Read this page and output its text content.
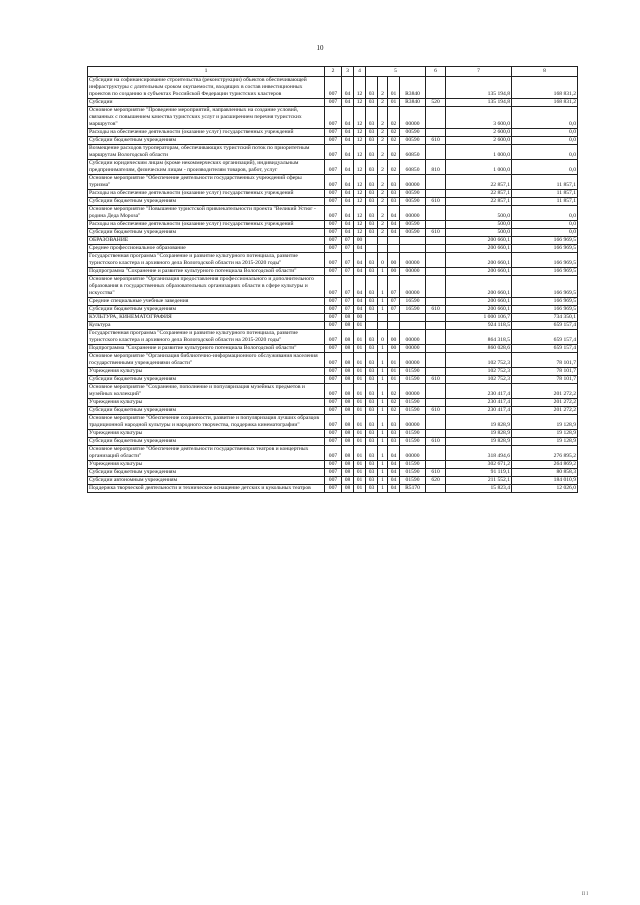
10
1	2	3	4	5				6	7	8
Субсидии на софинансирование строительства (реконструкции) объектов обеспечивающей инфраструктуры с длительным сроком окупаемости, входящих в состав инвестиционных проектов по созданию в субъектах Российской Федерации туристских кластеров	007	04	12	03	2	01	R3840		135 194,8	168 831,2
Субсидии	007	04	12	03	2	01	R3840	520	135 194,8	168 831,2
Основное мероприятие "Проведение мероприятий, направленных на создание условий, связанных с повышением качества туристских услуг и расширением перечня туристских маршрутов"	007	04	12	03	2	02	00000		3 600,0	0,0
Расходы на обеспечение деятельности (оказание услуг) государственных учреждений	007	04	12	03	2	02	00590		2 600,0	0,0
Субсидии бюджетным учреждениям	007	04	12	03	2	02	00590	610	2 600,0	0,0
Возмещение расходов туроператорам, обеспечивающих туристский поток по приоритетным маршрутам Вологодской области	007	04	12	03	2	02	60850		1 000,0	0,0
Субсидии юридическим лицам (кроме некоммерческих организаций), индивидуальным предпринимателям, физическим лицам - производителям товаров, работ, услуг	007	04	12	03	2	02	60850	810	1 000,0	0,0
Основное мероприятие "Обеспечение деятельности государственных учреждений сферы туризма"	007	04	12	03	2	03	00000		22 857,1	11 857,1
Расходы на обеспечение деятельности (оказание услуг) государственных учреждений	007	04	12	03	2	03	00590		22 857,1	11 857,1
Субсидии бюджетным учреждениям	007	04	12	03	2	03	00590	610	22 857,1	11 857,1
Основное мероприятие "Повышение туристской привлекательности проекта "Великий Устюг - родина Деда Мороза"	007	04	12	03	2	04	00000		500,0	0,0
Расходы на обеспечение деятельности (оказание услуг) государственных учреждений	007	04	12	03	2	04	00590		500,0	0,0
Субсидии бюджетным учреждениям	007	04	12	03	2	04	00590	610	500,0	0,0
ОБРАЗОВАНИЕ	007	07	00						200 660,1	166 969,5
Среднее профессиональное образование	007	07	04						200 660,1	166 969,5
Государственная программа "Сохранение и развитие культурного потенциала, развитие туристского кластера и архивного дела Вологодской области на 2015-2020 годы"	007	07	04	03	0	00	00000		200 660,1	166 969,5
Подпрограмма "Сохранение и развитие культурного потенциала Вологодской области"	007	07	04	03	1	00	00000		200 660,1	166 969,5
Основное мероприятие "Организация предоставления профессионального и дополнительного образования в государственных образовательных организациях области в сфере культуры и искусства"	007	07	04	03	1	07	00000		200 660,1	166 969,5
Средние специальные учебные заведения	007	07	04	03	1	07	16590		200 660,1	166 969,5
Субсидии бюджетным учреждениям	007	07	04	03	1	07	16590	610	200 660,1	166 969,5
КУЛЬТУРА, КИНЕМАТОГРАФИЯ	007	08	00						1 000 106,7	734 350,1
Культура	007	08	01						924 118,5	659 157,4
Государственная программа "Сохранение и развитие культурного потенциала, развитие туристского кластера и архивного дела Вологодской области на 2015-2020 годы"	007	08	01	03	0	00	00000		864 318,5	659 157,4
Подпрограмма "Сохранение и развитие культурного потенциала Вологодской области"	007	08	01	03	1	00	00000		860 028,6	659 157,4
Основное мероприятие "Организация библиотечно-информационного обслуживания населения государственными учреждениями области"	007	08	01	03	1	01	00000		102 752,3	78 101,7
Учреждения культуры	007	08	01	03	1	01	01590		102 752,3	78 101,7
Субсидии бюджетным учреждениям	007	08	01	03	1	01	01590	610	102 752,3	78 101,7
Основное мероприятие "Сохранение, пополнение и популяризация музейных предметов и музейных коллекций"	007	08	01	03	1	02	00000		230 417,4	201 272,2
Учреждения культуры	007	08	01	03	1	02	01590		230 417,4	201 272,2
Субсидии бюджетным учреждениям	007	08	01	03	1	02	01590	610	230 417,4	201 272,2
Основное мероприятие "Обеспечение сохранности, развитие и популяризация лучших образцов традиционной народной культуры и народного творчества, поддержка кинематографии"	007	08	01	03	1	03	00000		19 828,9	19 128,9
Учреждения культуры	007	08	01	03	1	03	01590		19 828,9	19 128,9
Субсидии бюджетным учреждениям	007	08	01	03	1	03	01590	610	19 828,9	19 128,9
Основное мероприятие "Обеспечение деятельности государственных театров и концертных организаций области"	007	08	01	03	1	04	00000		318 494,6	276 895,2
Учреждения культуры	007	08	01	03	1	04	01590		302 671,2	264 869,2
Субсидии бюджетным учреждениям	007	08	01	03	1	04	01590	610	91 119,1	80 858,3
Субсидии автономным учреждениям	007	08	01	03	1	04	01590	620	211 552,1	184 010,9
Поддержка творческой деятельности и техническое оснащение детских и кукольных театров	007	08	01	03	1	04	R5170		15 823,4	12 026,0
II I
